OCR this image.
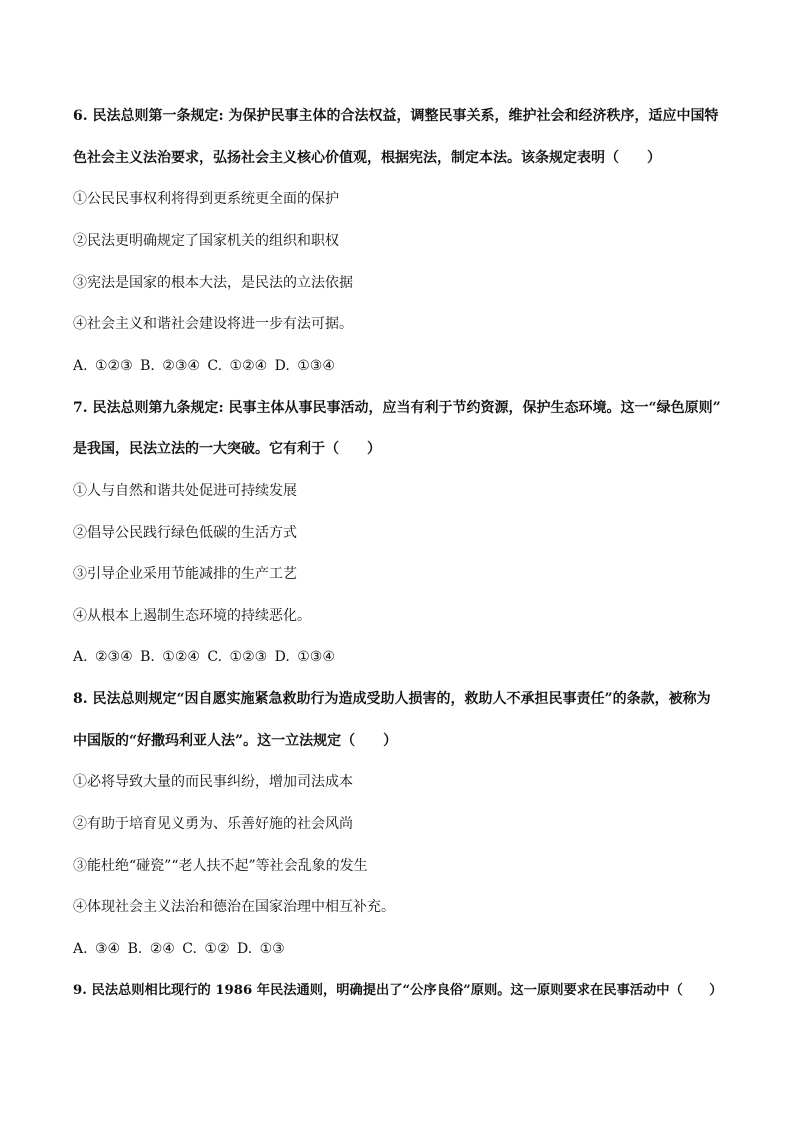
6. 民法总则第一条规定: 为保护民事主体的合法权益，调整民事关系，维护社会和经济秩序，适应中国特
色社会主义法治要求，弘扬社会主义核心价值观，根据宪法，制定本法。该条规定表明（　　）
①公民民事权利将得到更系统更全面的保护
②民法更明确规定了国家机关的组织和职权
③宪法是国家的根本大法，是民法的立法依据
④社会主义和谐社会建设将进一步有法可据。
A. ①②③ B. ②③④ C. ①②④ D. ①③④
7. 民法总则第九条规定: 民事主体从事民事活动，应当有利于节约资源，保护生态环境。这一“绿色原则”
是我国，民法立法的一大突破。它有利于（　　）
①人与自然和谐共处促进可持续发展
②倡导公民践行绿色低碳的生活方式
③引导企业采用节能减排的生产工艺
④从根本上遏制生态环境的持续恶化。
A. ②③④ B. ①②④ C. ①②③ D. ①③④
8. 民法总则规定“因自愿实施紧急救助行为造成受助人损害的，救助人不承担民事责任”的条款，被称为
中国版的“好撒玛利亚人法”。这一立法规定（　　）
①必将导致大量的而民事纠纷，增加司法成本
②有助于培育见义勇为、乐善好施的社会风尚
③能杜绝“碰瓷”“老人扶不起”等社会乱象的发生
④体现社会主义法治和德治在国家治理中相互补充。
A. ③④ B. ②④ C. ①② D. ①③
9. 民法总则相比现行的 1986 年民法通则，明确提出了“公序良俗”原则。这一原则要求在民事活动中（　　）
